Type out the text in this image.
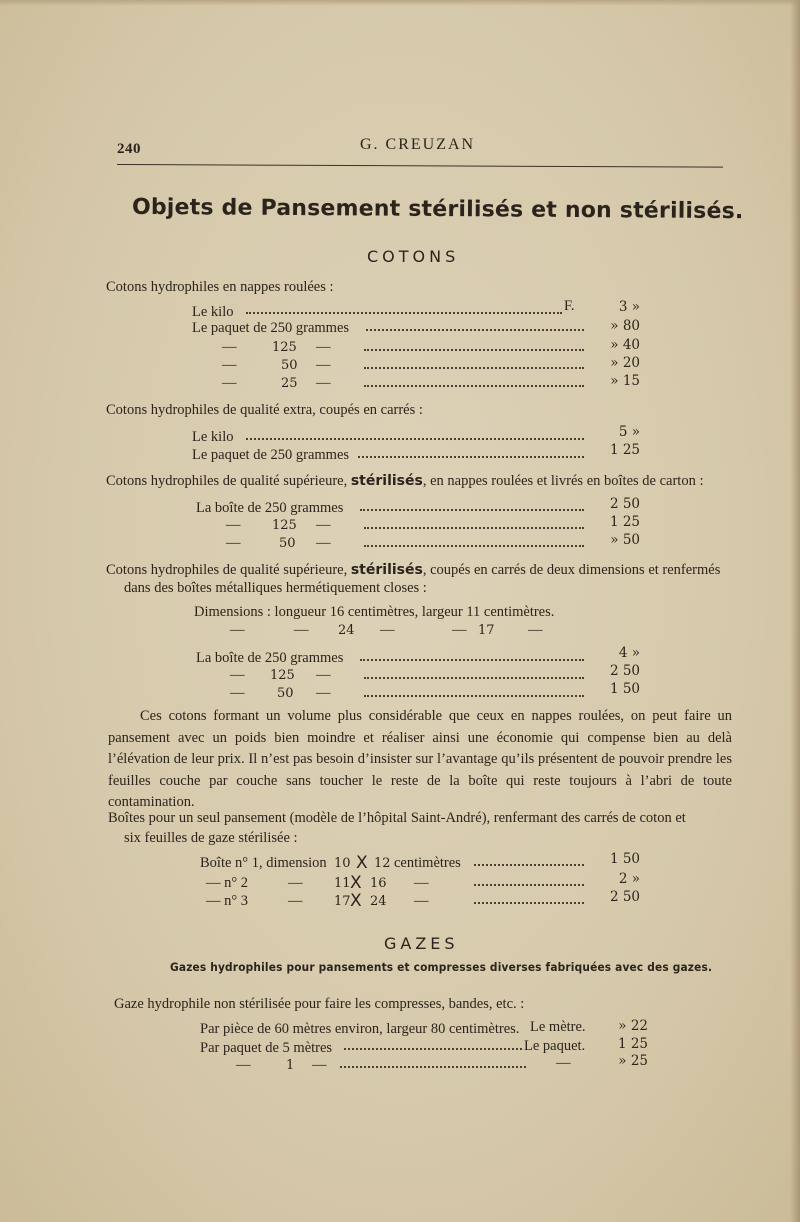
240	G. CREUZAN
Objets de Pansement stérilisés et non stérilisés.
COTONS
Cotons hydrophiles en nappes roulées :
Le kilo	F.	3 »
Le paquet de 250 grammes	» 80
—	125 —	» 40
—	50 —	» 20
—	25 —	» 15
Cotons hydrophiles de qualité extra, coupés en carrés :
Le kilo	5 »
Le paquet de 250 grammes	1 25
Cotons hydrophiles de qualité supérieure, stérilisés, en nappes roulées et livrés en boîtes de carton :
La boîte de 250 grammes	2 50
— 125 —	1 25
—	50 —	» 50
Cotons hydrophiles de qualité supérieure, stérilisés, coupés en carrés de deux dimensions et renfermés
dans des boîtes métalliques hermétiquement closes :
Dimensions : longueur 16 centimètres, largeur 11 centimètres.
—	— 24 —	— 17 —
La boîte de 250 grammes	4 »
— 125 —	2 50
—	50 —	1 50
Ces cotons formant un volume plus considérable que ceux en nappes roulées, on peut faire un pansement avec un poids bien moindre et réaliser ainsi une économie qui compense bien au delà l’élévation de leur prix. Il n’est pas besoin d’insister sur l’avantage qu’ils présentent de pouvoir prendre les feuilles couche par couche sans toucher le reste de la boîte qui reste toujours à l’abri de toute contamination.
Boîtes pour un seul pansement (modèle de l’hôpital Saint-André), renfermant des carrés de coton et
six feuilles de gaze stérilisée :
Boîte n° 1, dimension 10 X 12 centimètres	1 50
— n° 2	— 11 X 16 —	2 »
— n° 3	— 17 X 24 —	2 50
GAZES
Gazes hydrophiles pour pansements et compresses diverses fabriquées avec des gazes.
Gaze hydrophile non stérilisée pour faire les compresses, bandes, etc. :
Par pièce de 60 mètres environ, largeur 80 centimètres. Le mètre.	» 22
Par paquet de 5 mètres	Le paquet.	1 25
—	1 —	—	» 25
